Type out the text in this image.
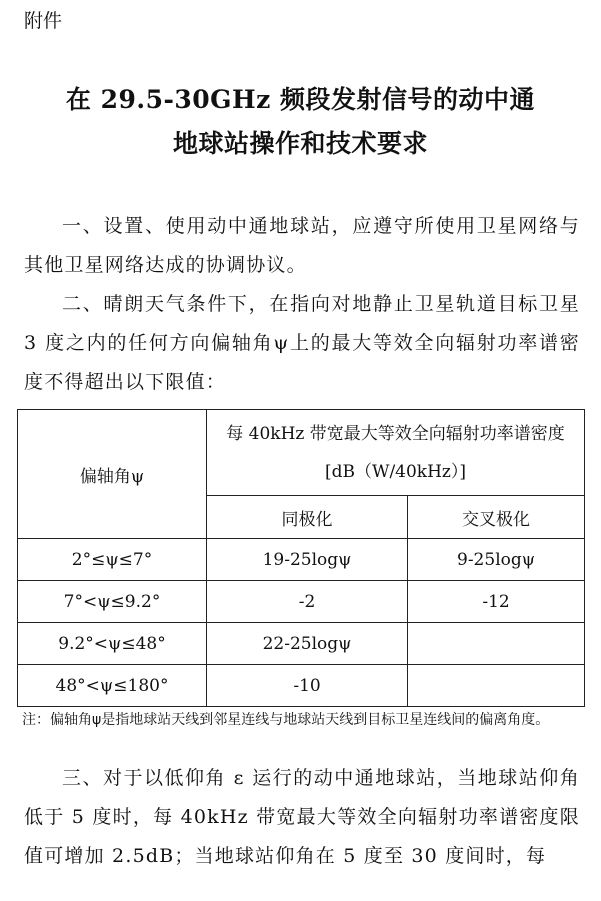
附件
在 29.5-30GHz 频段发射信号的动中通
地球站操作和技术要求

一、设置、使用动中通地球站，应遵守所使用卫星网络与其他卫星网络达成的协调协议。

二、晴朗天气条件下，在指向对地静止卫星轨道目标卫星 3 度之内的任何方向偏轴角ψ上的最大等效全向辐射功率谱密度不得超出以下限值：

偏轴角ψ	每 40kHz 带宽最大等效全向辐射功率谱密度
[dB（W/40kHz）]	
	同极化	交叉极化
2°≤ψ≤7°	19-25logψ	9-25logψ
7°<ψ≤9.2°	-2	-12
9.2°<ψ≤48°	22-25logψ	
48°<ψ≤180°	-10	

注：偏轴角ψ是指地球站天线到邻星连线与地球站天线到目标卫星连线间的偏离角度。

三、对于以低仰角 ε 运行的动中通地球站，当地球站仰角低于 5 度时，每 40kHz 带宽最大等效全向辐射功率谱密度限值可增加 2.5dB；当地球站仰角在 5 度至 30 度间时，每
